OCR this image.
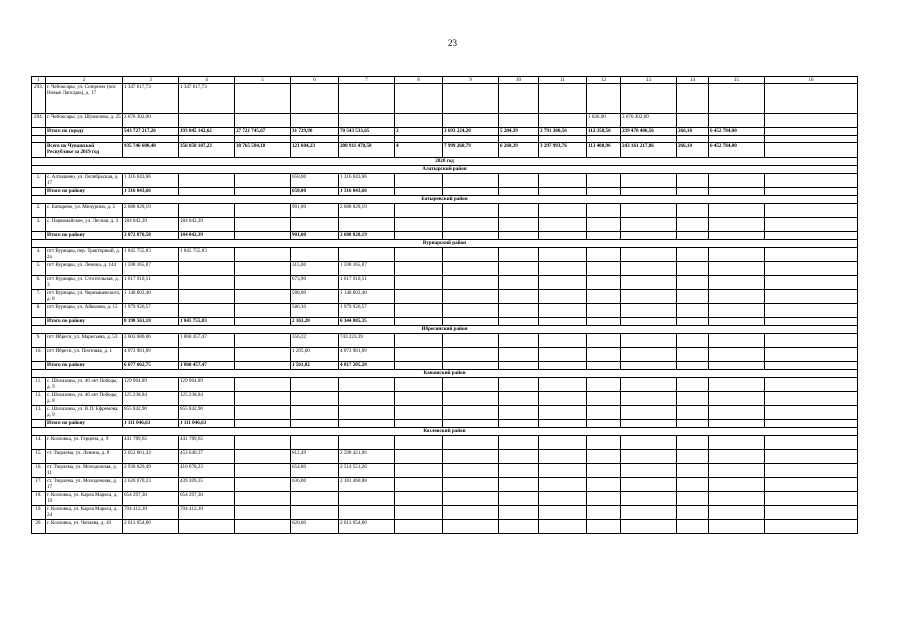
23
1	2	3	4	5	6	7	8	9	10	11	12	13	14	15	16
293.	г. Чебоксары, ул. Composer (пос Новые Лапсары), д. 17	1 347 617,73	1 347 617,73												
294.	г. Чебоксары, ул. Шумилова, д. 25	3 676 302,00									1 026,90	3 676 302,00			
	Итого по городу	543 727 217,26	193 045 142,62	27 721 745,67	31 729,90	70 543 533,65	2	3 693 224,20	5 204,39	2 791 300,56	112 350,56	239 478 486,56	266,10	6 452 784,00	

	Всего по Чувашской Республике за 2019 год	935 746 608,40	356 058 107,23	38 765 584,18	121 604,23	200 911 470,58	4	7 999 260,79	6 260,39	3 297 993,76	113 408,96	243 161 217,86	266,10	6 452 784,00	
2020 год															
Алатырский район															
1.	с. Алтышево, ул. Октябрьская, д. 17	1 316 043,66			658,00	1 316 043,66									
	Итого по району	1 316 043,66			658,00	1 316 043,66									
Батыревский район															
2.	с. Батырево, ул. Мичурина, д. 5	2 688 828,19			901,00	2 688 828,19									
3.	с. Первомайское, ул. Лесная, д. 3	184 042,39	184 042,39												
	Итого по району	2 872 870,58	184 042,39		901,00	2 688 828,19									
Вурнарский район															
4.	пгт Вурнары, пер. Тракторный, д. 2а	1 845 755,83	1 845 755,83												
5.	пгт Вурнары, ул. Ленина, д. 144	1 598 165,87			315,00	1 598 165,87									
6.	пгт Вурнары, ул. Стroiтельная, д. 3	1 617 910,51			673,90	1 617 910,51									
7.	пгт Вурнары, ул. Чернышевского, д. 8	1 148 802,40			588,00	1 148 802,40									
8.	пгт Вурнары, ул. Айвазова, д. 15	1 979 926,57			586,30	1 979 926,57									
	Итого по району	8 190 561,18	1 845 755,83		2 163,20	6 344 805,35									
Ибресинский район															
9.	пгт Ибреси, ул. Маресьева, д. 53	2 603 680,86	1 860 457,47		356,22	743 223,39									
10.	пгт Ибреси, ул. Почтовая, д. 1	4 073 981,89			1 205,60	4 073 981,89									
	Итого по району	6 677 662,75	1 860 457,47		1 561,82	4 817 205,28									
Канашский район															
11.	с. Шихазаны, ул. 40 лет Победы, д. 9	129 964,89	129 964,89												
12.	с. Шихазаны, ул. 40 лет Победы, д. 8	125 238,84	125 238,84												
13.	с. Шихазаны, ул. В.П. Ефремова, д. 9	855 842,90	855 842,90												
	Итого по району	1 111 046,63	1 111 046,63												
Козловский район															
14.	г. Козловка, ул. Герцена, д. 9	441 789,65	441 789,65												
15.	ст. Тюрлема, ул. Ленина, д. 8	3 052 061,43	453 640,37		812,49	2 598 421,06									
16.	ст. Тюрлема, ул. Молодежная, д. 11	2 930 629,49	416 078,23		654,80	2 514 551,26									
17.	ст. Тюрлема, ул. Молодежная, д. 17	2 620 670,23	439 209,35		636,80	2 181 460,88									
18.	г. Козловка, ул. Карла Маркса, д. 19	654 297,30	654 297,30												
19.	г. Козловка, ул. Карла Маркса, д. 24	704 412,10	704 412,10												
20.	г. Козловка, ул. Чапаева, д. 10	2 013 954,80			620,00	2 013 954,80									
